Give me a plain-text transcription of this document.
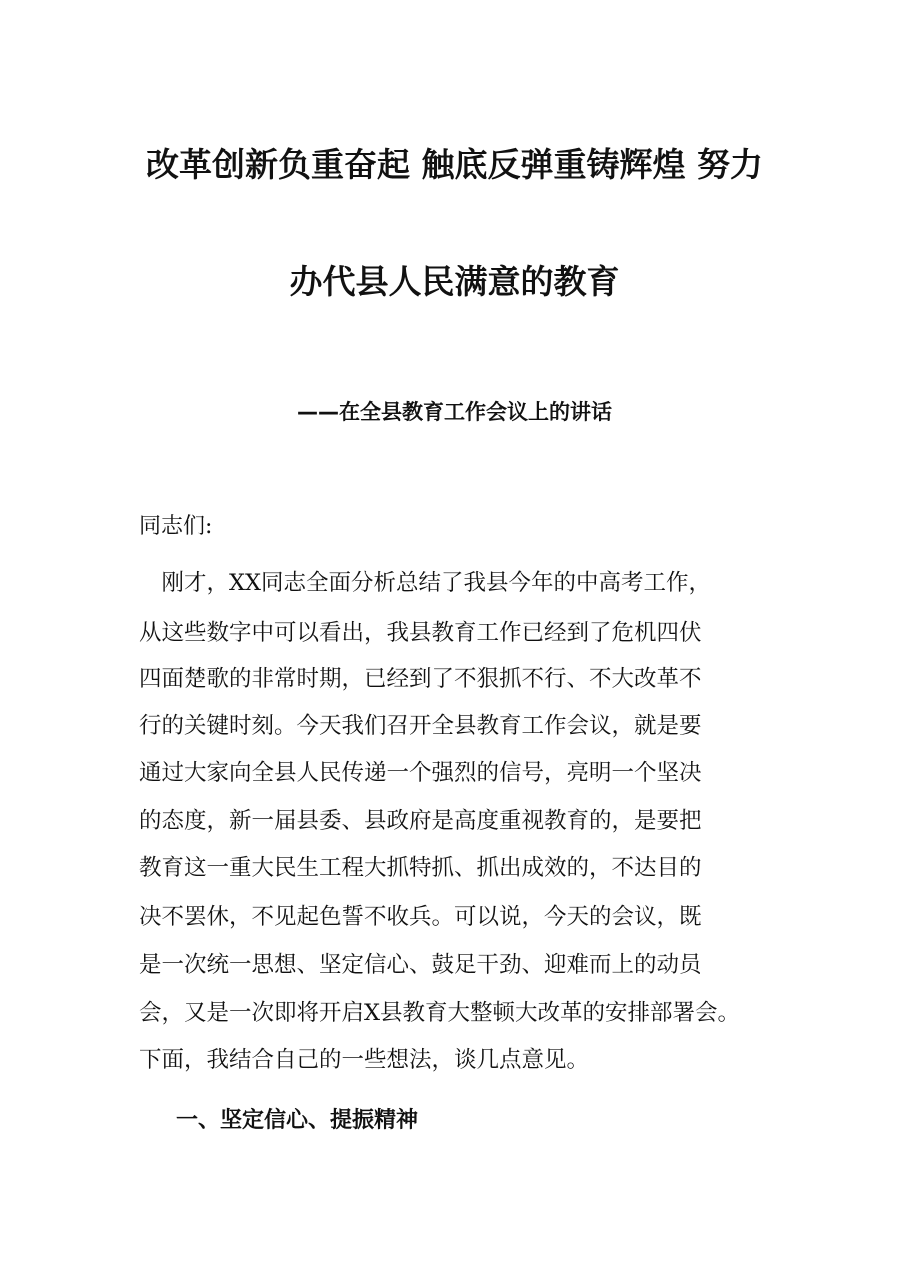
改革创新负重奋起 触底反弹重铸辉煌 努力
办代县人民满意的教育
——在全县教育工作会议上的讲话
同志们:
　刚才，XX同志全面分析总结了我县今年的中高考工作，
从这些数字中可以看出，我县教育工作已经到了危机四伏
四面楚歌的非常时期，已经到了不狠抓不行、不大改革不
行的关键时刻。今天我们召开全县教育工作会议，就是要
通过大家向全县人民传递一个强烈的信号，亮明一个坚决
的态度，新一届县委、县政府是高度重视教育的，是要把
教育这一重大民生工程大抓特抓、抓出成效的，不达目的
决不罢休，不见起色誓不收兵。可以说，今天的会议，既
是一次统一思想、坚定信心、鼓足干劲、迎难而上的动员
会，又是一次即将开启X县教育大整顿大改革的安排部署会。
下面，我结合自己的一些想法，谈几点意见。
一、坚定信心、提振精神
